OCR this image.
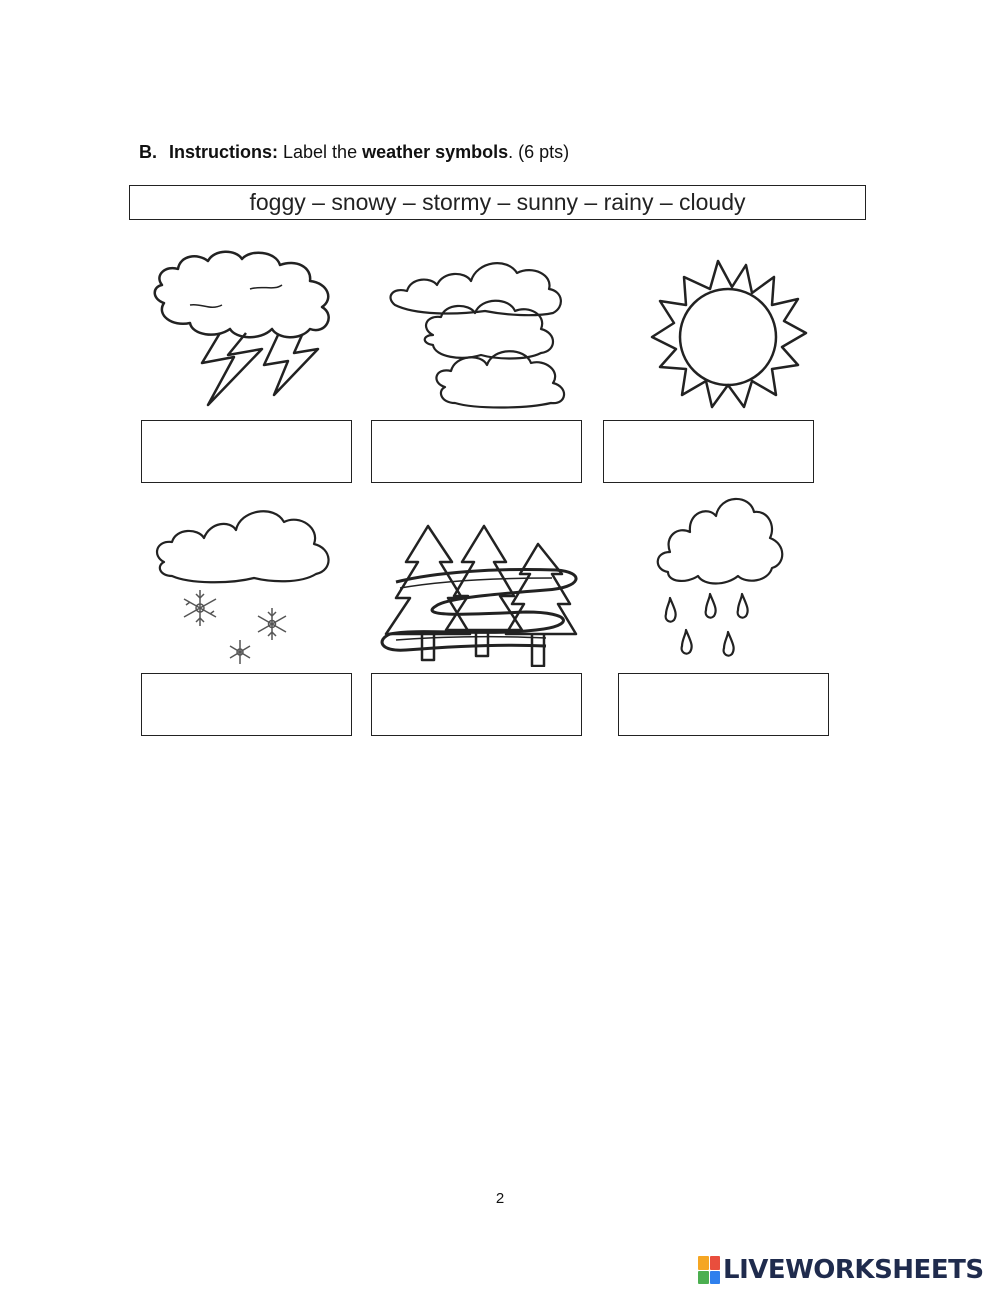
B. Instructions: Label the weather symbols. (6 pts)
foggy – snowy – stormy – sunny – rainy – cloudy
2
LIVEWORKSHEETS
